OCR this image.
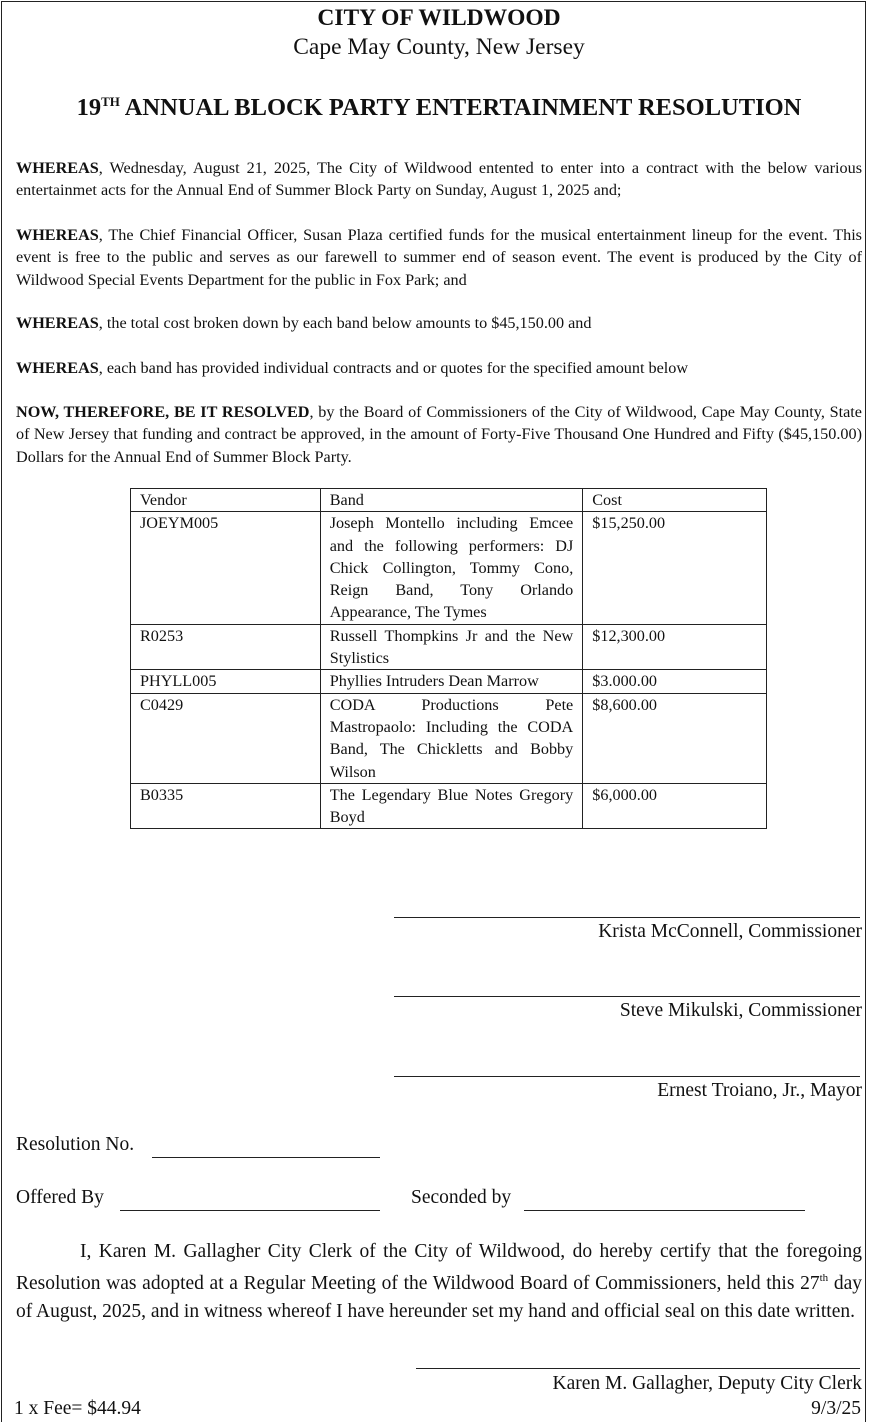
CITY OF WILDWOOD
Cape May County, New Jersey
19TH ANNUAL BLOCK PARTY ENTERTAINMENT RESOLUTION
WHEREAS, Wednesday, August 21, 2025, The City of Wildwood entented to enter into a contract with the below various entertainmet acts for the Annual End of Summer Block Party on Sunday, August 1, 2025 and;
WHEREAS, The Chief Financial Officer, Susan Plaza certified funds for the musical entertainment lineup for the event. This event is free to the public and serves as our farewell to summer end of season event. The event is produced by the City of Wildwood Special Events Department for the public in Fox Park; and
WHEREAS, the total cost broken down by each band below amounts to $45,150.00 and
WHEREAS, each band has provided individual contracts and or quotes for the specified amount below
NOW, THEREFORE, BE IT RESOLVED, by the Board of Commissioners of the City of Wildwood, Cape May County, State of New Jersey that funding and contract be approved, in the amount of Forty-Five Thousand One Hundred and Fifty ($45,150.00) Dollars for the Annual End of Summer Block Party.
Vendor	Band	Cost
JOEYM005	Joseph Montello including Emcee and the following performers: DJ Chick Collington, Tommy Cono, Reign Band, Tony Orlando Appearance, The Tymes	$15,250.00
R0253	Russell Thompkins Jr and the New Stylistics	$12,300.00
PHYLL005	Phyllies Intruders Dean Marrow	$3.000.00
C0429	CODA Productions Pete Mastropaolo: Including the CODA Band, The Chickletts and Bobby Wilson	$8,600.00
B0335	The Legendary Blue Notes Gregory Boyd	$6,000.00
Krista McConnell, Commissioner
Steve Mikulski, Commissioner
Ernest Troiano, Jr., Mayor
Resolution No.
Offered By	Seconded by
I, Karen M. Gallagher City Clerk of the City of Wildwood, do hereby certify that the foregoing Resolution was adopted at a Regular Meeting of the Wildwood Board of Commissioners, held this 27th day of August, 2025, and in witness whereof I have hereunder set my hand and official seal on this date written.
Karen M. Gallagher, Deputy City Clerk
1 x Fee= $44.94	9/3/25
